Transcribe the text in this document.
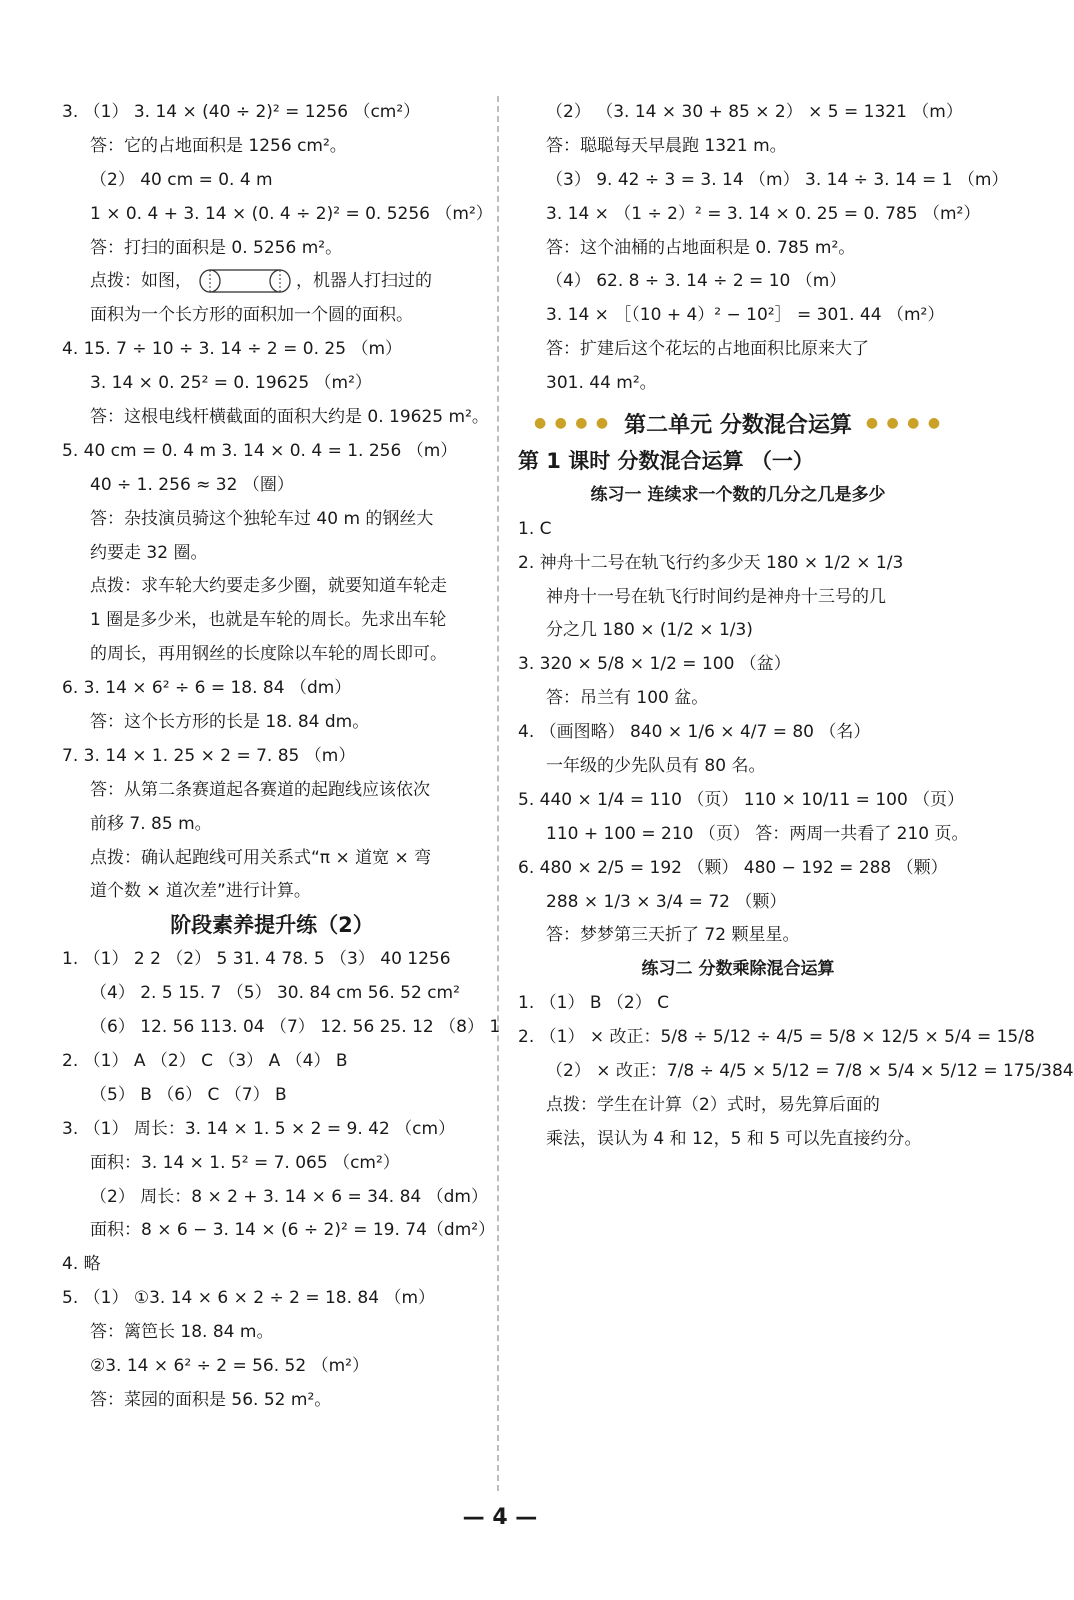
3. （1） 3. 14 × (40 ÷ 2)² = 1256 （cm²）
答：它的占地面积是 1256 cm²。
（2） 40 cm = 0. 4 m
1 × 0. 4 + 3. 14 × (0. 4 ÷ 2)² = 0. 5256 （m²）
答：打扫的面积是 0. 5256 m²。
点拨：如图，	，机器人打扫过的
面积为一个长方形的面积加一个圆的面积。
4. 15. 7 ÷ 10 ÷ 3. 14 ÷ 2 = 0. 25 （m）
3. 14 × 0. 25² = 0. 19625 （m²）
答：这根电线杆横截面的面积大约是 0. 19625 m²。
5. 40 cm = 0. 4 m 3. 14 × 0. 4 = 1. 256 （m）
40 ÷ 1. 256 ≈ 32 （圈）
答：杂技演员骑这个独轮车过 40 m 的钢丝大
约要走 32 圈。
点拨：求车轮大约要走多少圈，就要知道车轮走
1 圈是多少米，也就是车轮的周长。先求出车轮
的周长，再用钢丝的长度除以车轮的周长即可。
6. 3. 14 × 6² ÷ 6 = 18. 84 （dm）
答：这个长方形的长是 18. 84 dm。
7. 3. 14 × 1. 25 × 2 = 7. 85 （m）
答：从第二条赛道起各赛道的起跑线应该依次
前移 7. 85 m。
点拨：确认起跑线可用关系式“π × 道宽 × 弯
道个数 × 道次差”进行计算。
阶段素养提升练（2）
1. （1） 2 2 （2） 5 31. 4 78. 5 （3） 40 1256
（4） 2. 5 15. 7 （5） 30. 84 cm 56. 52 cm²
（6） 12. 56 113. 04 （7） 12. 56 25. 12 （8） 1
2. （1） A （2） C （3） A （4） B
（5） B （6） C （7） B
3. （1） 周长：3. 14 × 1. 5 × 2 = 9. 42 （cm）
面积：3. 14 × 1. 5² = 7. 065 （cm²）
（2） 周长：8 × 2 + 3. 14 × 6 = 34. 84 （dm）
面积：8 × 6 − 3. 14 × (6 ÷ 2)² = 19. 74（dm²）
4. 略
5. （1） ①3. 14 × 6 × 2 ÷ 2 = 18. 84 （m）
答：篱笆长 18. 84 m。
②3. 14 × 6² ÷ 2 = 56. 52 （m²）
答：菜园的面积是 56. 52 m²。
（2） （3. 14 × 30 + 85 × 2） × 5 = 1321 （m）
答：聪聪每天早晨跑 1321 m。
（3） 9. 42 ÷ 3 = 3. 14 （m） 3. 14 ÷ 3. 14 = 1 （m）
3. 14 × （1 ÷ 2）² = 3. 14 × 0. 25 = 0. 785 （m²）
答：这个油桶的占地面积是 0. 785 m²。
（4） 62. 8 ÷ 3. 14 ÷ 2 = 10 （m）
3. 14 × ［（10 + 4）² − 10²］ = 301. 44 （m²）
答：扩建后这个花坛的占地面积比原来大了
301. 44 m²。
● ● ● ● 第二单元 分数混合运算 ● ● ● ●
第 1 课时 分数混合运算 （一）
练习一 连续求一个数的几分之几是多少
1. C
2. 神舟十二号在轨飞行约多少天 180 × 1/2 × 1/3
神舟十一号在轨飞行时间约是神舟十三号的几
分之几 180 × (1/2 × 1/3)
3. 320 × 5/8 × 1/2 = 100 （盆）
答：吊兰有 100 盆。
4. （画图略） 840 × 1/6 × 4/7 = 80 （名）
一年级的少先队员有 80 名。
5. 440 × 1/4 = 110 （页） 110 × 10/11 = 100 （页）
110 + 100 = 210 （页） 答：两周一共看了 210 页。
6. 480 × 2/5 = 192 （颗） 480 − 192 = 288 （颗）
288 × 1/3 × 3/4 = 72 （颗）
答：梦梦第三天折了 72 颗星星。
练习二 分数乘除混合运算
1. （1） B （2） C
2. （1） × 改正：5/8 ÷ 5/12 ÷ 4/5 = 5/8 × 12/5 × 5/4 = 15/8
（2） × 改正：7/8 ÷ 4/5 × 5/12 = 7/8 × 5/4 × 5/12 = 175/384
点拨：学生在计算（2）式时，易先算后面的
乘法，误认为 4 和 12，5 和 5 可以先直接约分。
— 4 —
